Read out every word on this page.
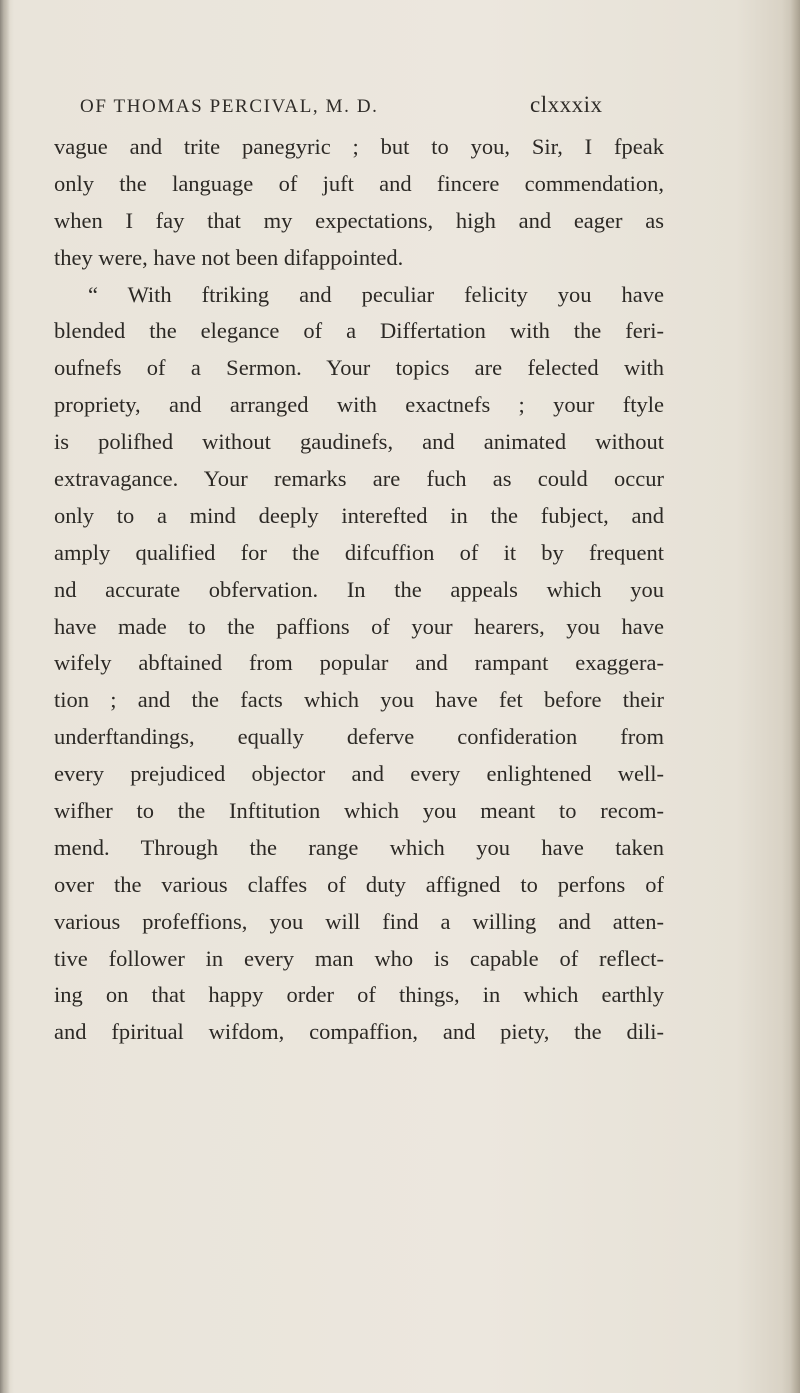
OF THOMAS PERCIVAL, M. D.	clxxxix
vague and trite panegyric ; but to you, Sir, I fpeak
only the language of juft and fincere commendation,
when I fay that my expectations, high and eager as
they were, have not been difappointed.
“ With ftriking and peculiar felicity you have
blended the elegance of a Differtation with the feri-
oufnefs of a Sermon. Your topics are felected with
propriety, and arranged with exactnefs ; your ftyle
is polifhed without gaudinefs, and animated without
extravagance. Your remarks are fuch as could occur
only to a mind deeply interefted in the fubject, and
amply qualified for the difcuffion of it by frequent
nd accurate obfervation. In the appeals which you
have made to the paffions of your hearers, you have
wifely abftained from popular and rampant exaggera-
tion ; and the facts which you have fet before their
underftandings, equally deferve confideration from
every prejudiced objector and every enlightened well-
wifher to the Inftitution which you meant to recom-
mend. Through the range which you have taken
over the various claffes of duty affigned to perfons of
various profeffions, you will find a willing and atten-
tive follower in every man who is capable of reflect-
ing on that happy order of things, in which earthly
and fpiritual wifdom, compaffion, and piety, the dili-
